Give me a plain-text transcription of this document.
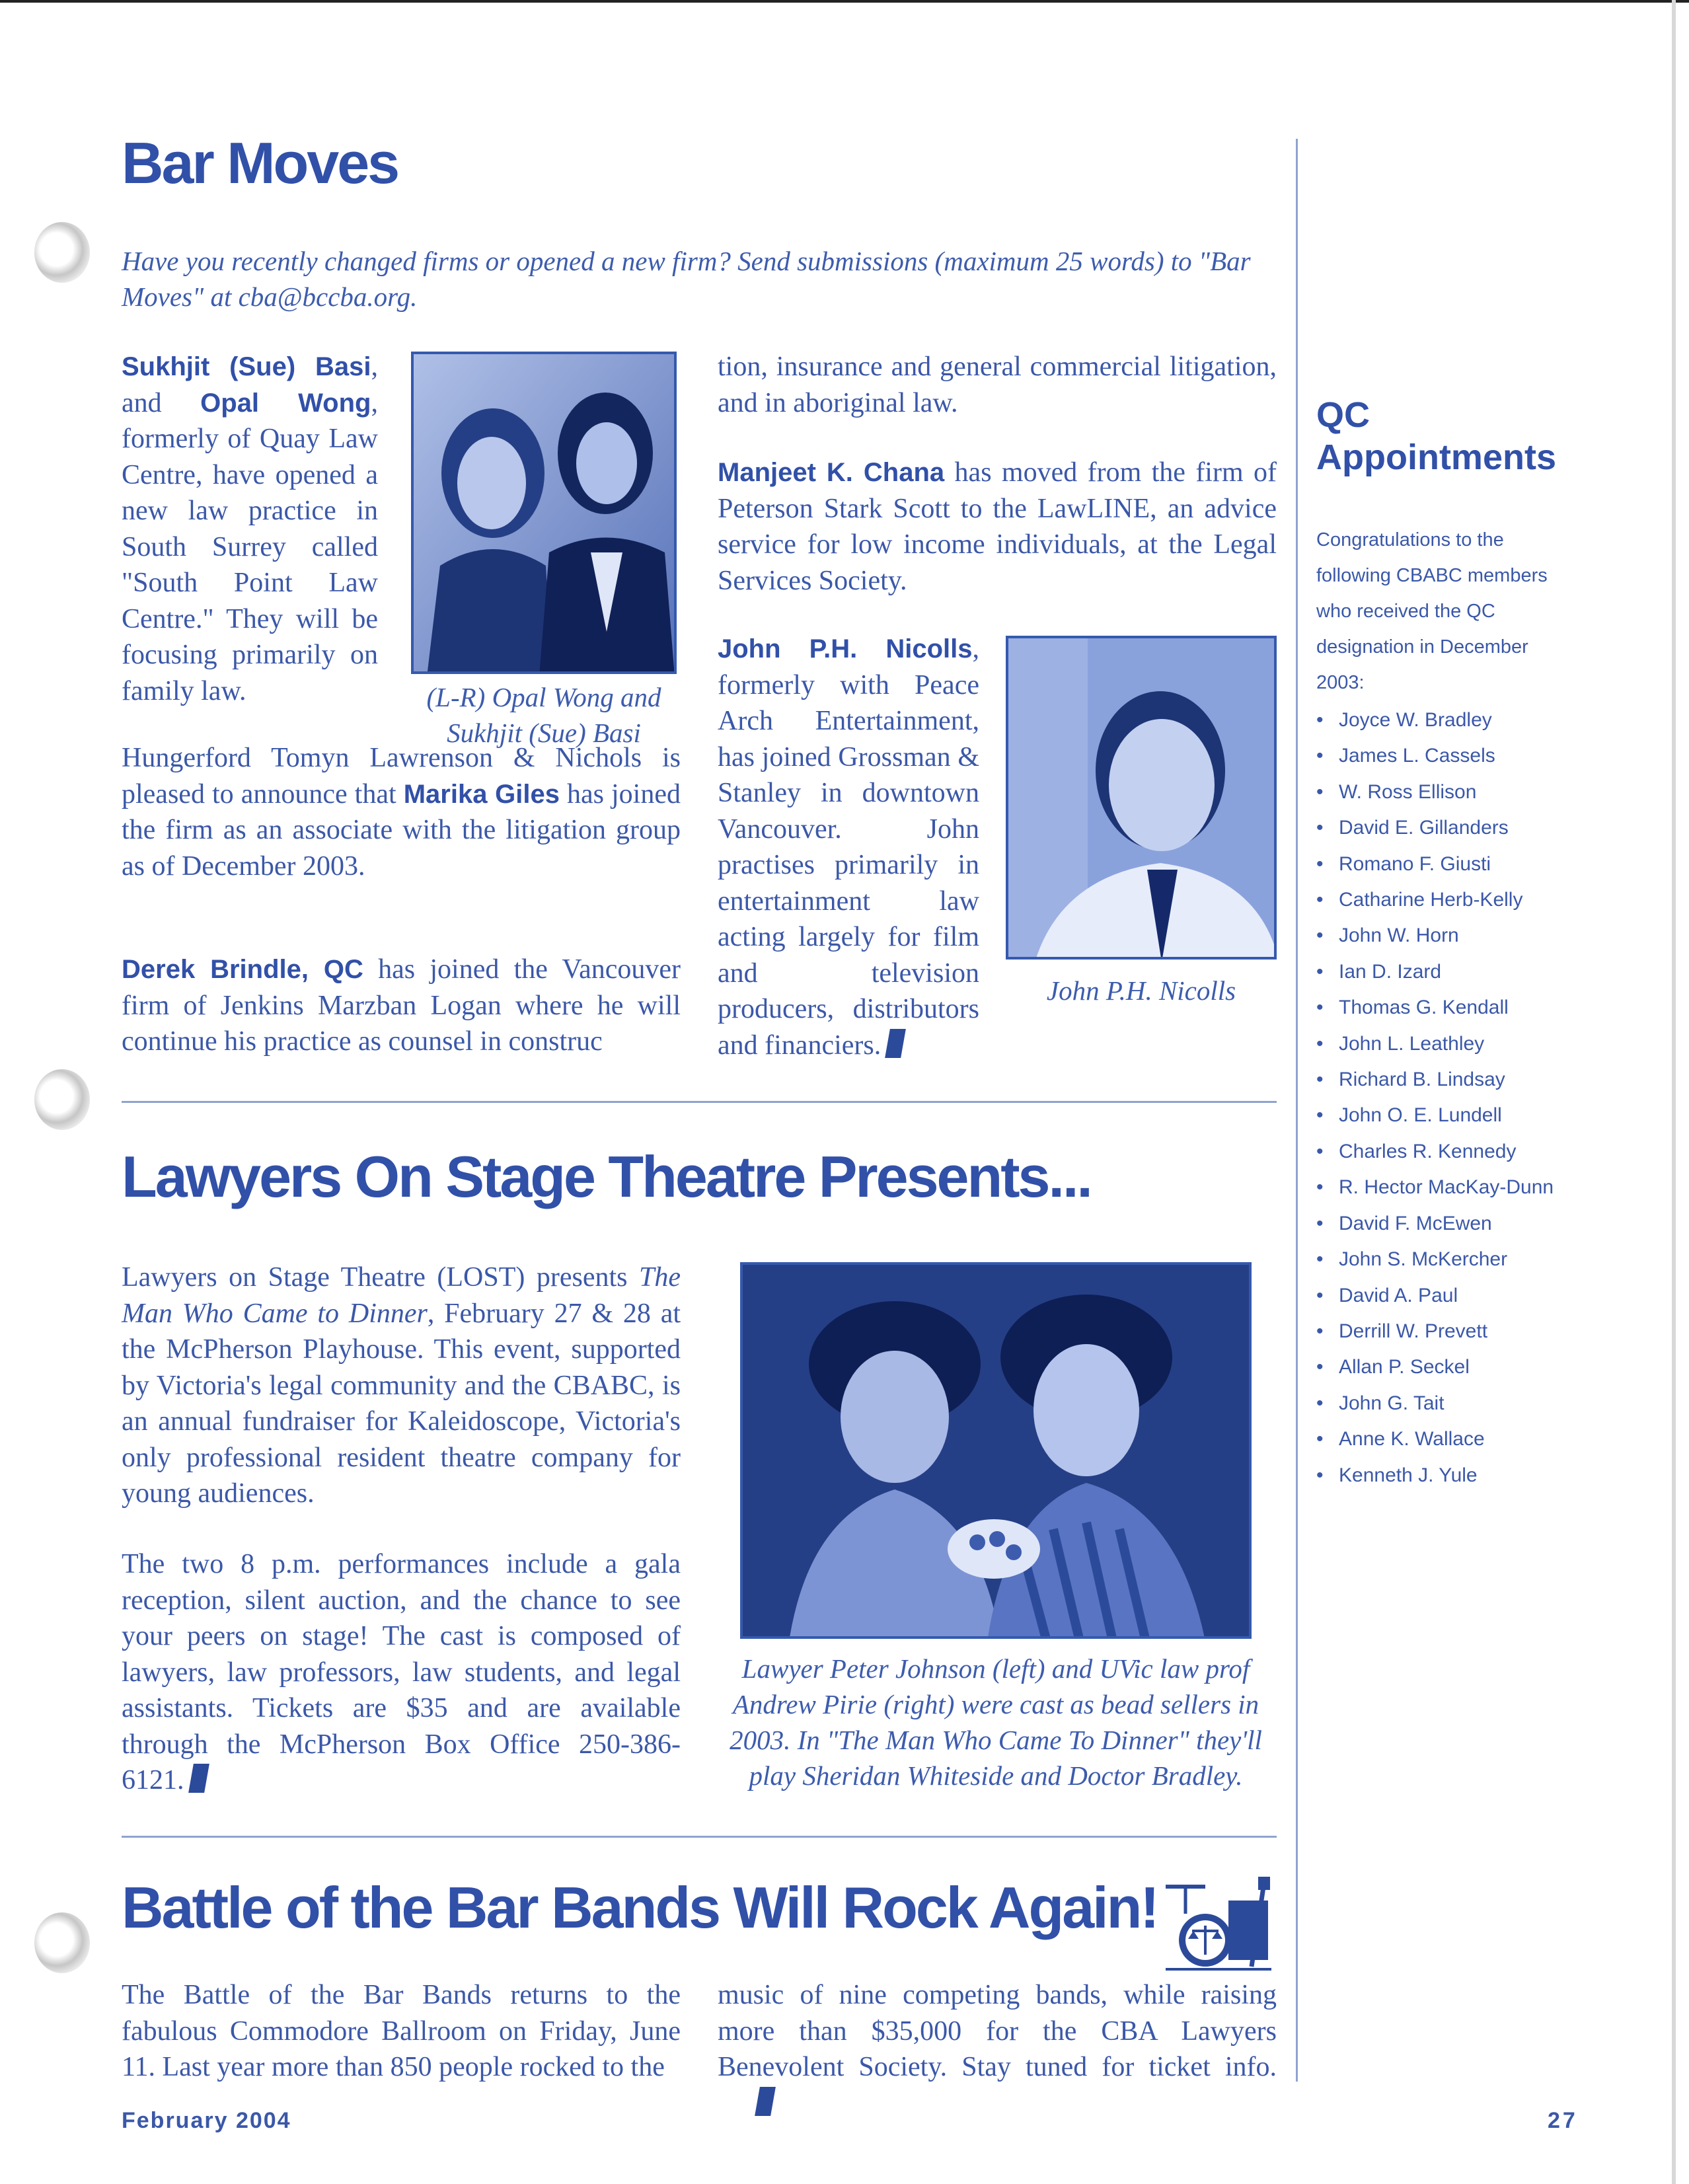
Bar Moves
Have you recently changed firms or opened a new firm? Send submissions (maximum 25 words) to "Bar Moves" at cba@bccba.org.
Sukhjit (Sue) Basi, and Opal Wong, formerly of Quay Law Centre, have opened a new law practice in South Surrey called "South Point Law Centre." They will be focusing primarily on family law.	(L-R) Opal Wong and Sukhjit (Sue) Basi
Hungerford Tomyn Lawrenson & Nichols is pleased to announce that Marika Giles has joined the firm as an associate with the litigation group as of December 2003.
Derek Brindle, QC has joined the Vancouver firm of Jenkins Marzban Logan where he will continue his practice as counsel in construc
tion, insurance and general commercial litigation, and in aboriginal law.
Manjeet K. Chana has moved from the firm of Peterson Stark Scott to the LawLINE, an advice service for low income individuals, at the Legal Services Society.
John P.H. Nicolls, formerly with Peace Arch Entertainment, has joined Grossman & Stanley in downtown Vancouver. John practises primarily in entertainment law acting largely for film and television producers, distributors and financiers.
John P.H. Nicolls
Lawyers On Stage Theatre Presents...
Lawyers on Stage Theatre (LOST) presents The Man Who Came to Dinner, February 27 & 28 at the McPherson Playhouse. This event, supported by Victoria's legal community and the CBABC, is an annual fundraiser for Kaleidoscope, Victoria's only professional resident theatre company for young audiences.
The two 8 p.m. performances include a gala reception, silent auction, and the chance to see your peers on stage! The cast is composed of lawyers, law professors, law students, and legal assistants. Tickets are $35 and are available through the McPherson Box Office 250-386-6121.
Lawyer Peter Johnson (left) and UVic law prof Andrew Pirie (right) were cast as bead sellers in 2003. In "The Man Who Came To Dinner" they'll play Sheridan Whiteside and Doctor Bradley.
Battle of the Bar Bands Will Rock Again!
The Battle of the Bar Bands returns to the fabulous Commodore Ballroom on Friday, June 11. Last year more than 850 people rocked to the
music of nine competing bands, while raising more than $35,000 for the CBA Lawyers Benevolent Society. Stay tuned for ticket info.
QC
Appointments
Congratulations to the following CBABC members who received the QC designation in December 2003:
• Joyce W. Bradley
• James L. Cassels
• W. Ross Ellison
• David E. Gillanders
• Romano F. Giusti
• Catharine Herb-Kelly
• John W. Horn
• Ian D. Izard
• Thomas G. Kendall
• John L. Leathley
• Richard B. Lindsay
• John O. E. Lundell
• Charles R. Kennedy
• R. Hector MacKay-Dunn
• David F. McEwen
• John S. McKercher
• David A. Paul
• Derrill W. Prevett
• Allan P. Seckel
• John G. Tait
• Anne K. Wallace
• Kenneth J. Yule
February 2004	27
